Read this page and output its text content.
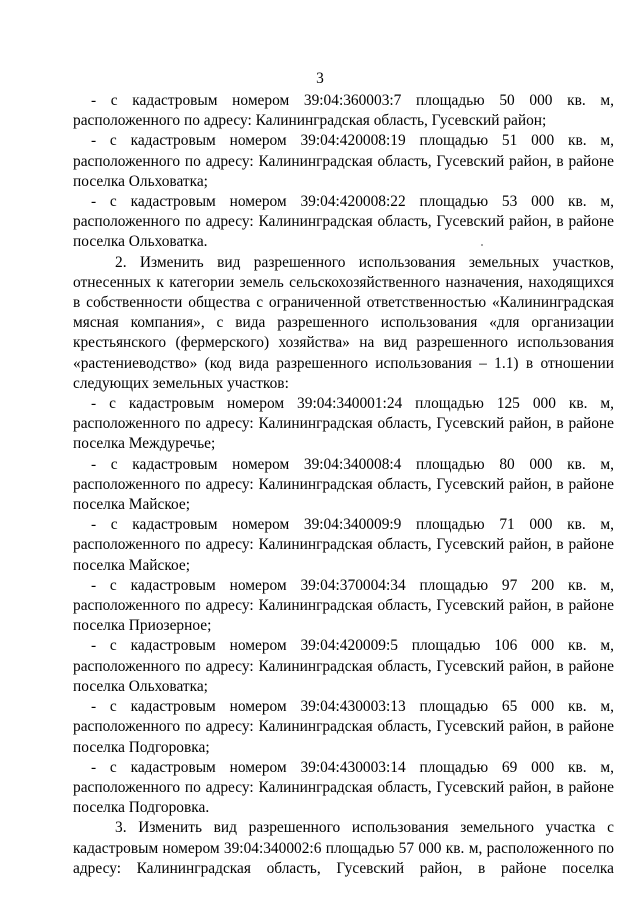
3

- с кадастровым номером 39:04:360003:7 площадью 50 000 кв. м, расположенного по адресу: Калининградская область, Гусевский район;

- с кадастровым номером 39:04:420008:19 площадью 51 000 кв. м, расположенного по адресу: Калининградская область, Гусевский район, в районе поселка Ольховатка;

- с кадастровым номером 39:04:420008:22 площадью 53 000 кв. м, расположенного по адресу: Калининградская область, Гусевский район, в районе поселка Ольховатка.

2. Изменить вид разрешенного использования земельных участков, отнесенных к категории земель сельскохозяйственного назначения, находящихся в собственности общества с ограниченной ответственностью «Калининградская мясная компания», с вида разрешенного использования «для организации крестьянского (фермерского) хозяйства» на вид разрешенного использования «растениеводство» (код вида разрешенного использования – 1.1) в отношении следующих земельных участков:

- с кадастровым номером 39:04:340001:24 площадью 125 000 кв. м, расположенного по адресу: Калининградская область, Гусевский район, в районе поселка Междуречье;

- с кадастровым номером 39:04:340008:4 площадью 80 000 кв. м, расположенного по адресу: Калининградская область, Гусевский район, в районе поселка Майское;

- с кадастровым номером 39:04:340009:9 площадью 71 000 кв. м, расположенного по адресу: Калининградская область, Гусевский район, в районе поселка Майское;

- с кадастровым номером 39:04:370004:34 площадью 97 200 кв. м, расположенного по адресу: Калининградская область, Гусевский район, в районе поселка Приозерное;

- с кадастровым номером 39:04:420009:5 площадью 106 000 кв. м, расположенного по адресу: Калининградская область, Гусевский район, в районе поселка Ольховатка;

- с кадастровым номером 39:04:430003:13 площадью 65 000 кв. м, расположенного по адресу: Калининградская область, Гусевский район, в районе поселка Подгоровка;

- с кадастровым номером 39:04:430003:14 площадью 69 000 кв. м, расположенного по адресу: Калининградская область, Гусевский район, в районе поселка Подгоровка.

3. Изменить вид разрешенного использования земельного участка с кадастровым номером 39:04:340002:6 площадью 57 000 кв. м, расположенного по адресу: Калининградская область, Гусевский район, в районе поселка
